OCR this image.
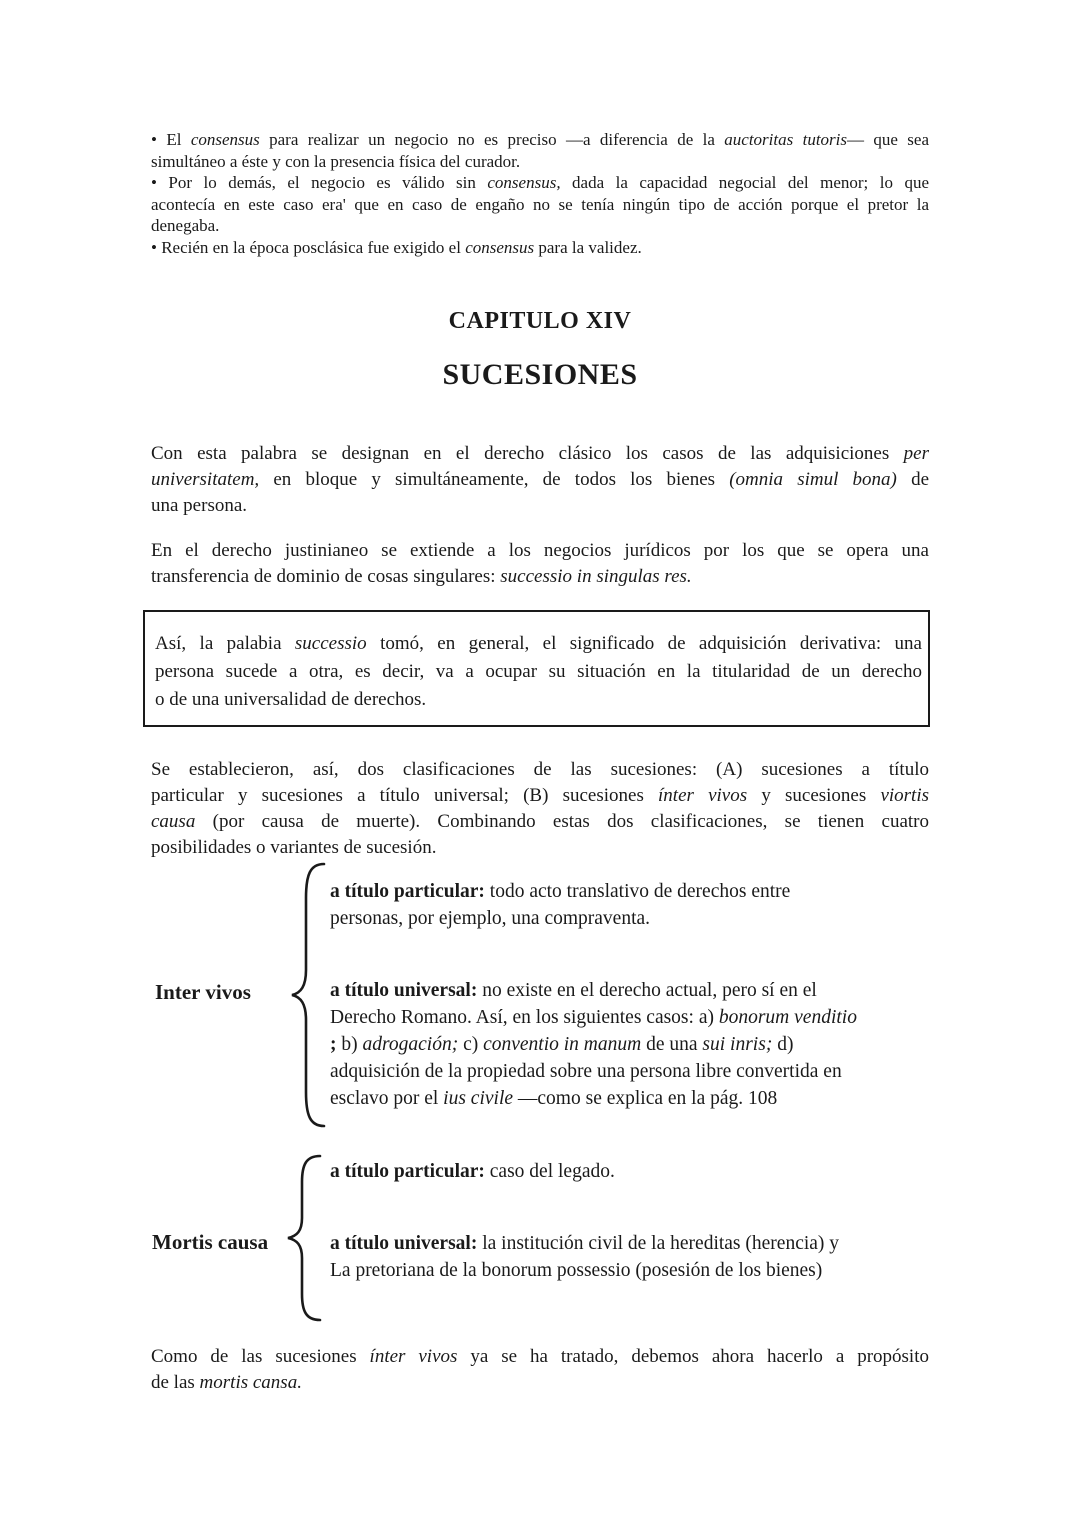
• El consensus para realizar un negocio no es preciso —a diferencia de la auctoritas tutoris— que sea
simultáneo a éste y con la presencia física del curador.
• Por lo demás, el negocio es válido sin consensus, dada la capacidad negocial del menor; lo que
acontecía en este caso era' que en caso de engaño no se tenía ningún tipo de acción porque el pretor la
denegaba.
• Recién en la época posclásica fue exigido el consensus para la validez.
CAPITULO XIV
SUCESIONES
Con esta palabra se designan en el derecho clásico los casos de las adquisiciones per
universitatem, en bloque y simultáneamente, de todos los bienes (omnia simul bona) de
una persona.
En el derecho justinianeo se extiende a los negocios jurídicos por los que se opera una
transferencia de dominio de cosas singulares: successio in singulas res.
Así, la palabia successio tomó, en general, el significado de adquisición derivativa: una
persona sucede a otra, es decir, va a ocupar su situación en la titularidad de un derecho
o de una universalidad de derechos.
Se establecieron, así, dos clasificaciones de las sucesiones: (A) sucesiones a título
particular y sucesiones a título universal; (B) sucesiones ínter vivos y sucesiones viortis
causa (por causa de muerte). Combinando estas dos clasificaciones, se tienen cuatro
posibilidades o variantes de sucesión.
Inter vivos
a título particular: todo acto translativo de derechos entre
personas, por ejemplo, una compraventa.
a título universal: no existe en el derecho actual, pero sí en el
Derecho Romano. Así, en los siguientes casos: a) bonorum venditio
; b) adrogación; c) conventio in manum de una sui inris; d)
adquisición de la propiedad sobre una persona libre convertida en
esclavo por el ius civile —como se explica en la pág. 108
Mortis causa
a título particular: caso del legado.
a título universal: la institución civil de la hereditas (herencia) y
La pretoriana de la bonorum possessio (posesión de los bienes)
Como de las sucesiones ínter vivos ya se ha tratado, debemos ahora hacerlo a propósito
de las mortis cansa.
